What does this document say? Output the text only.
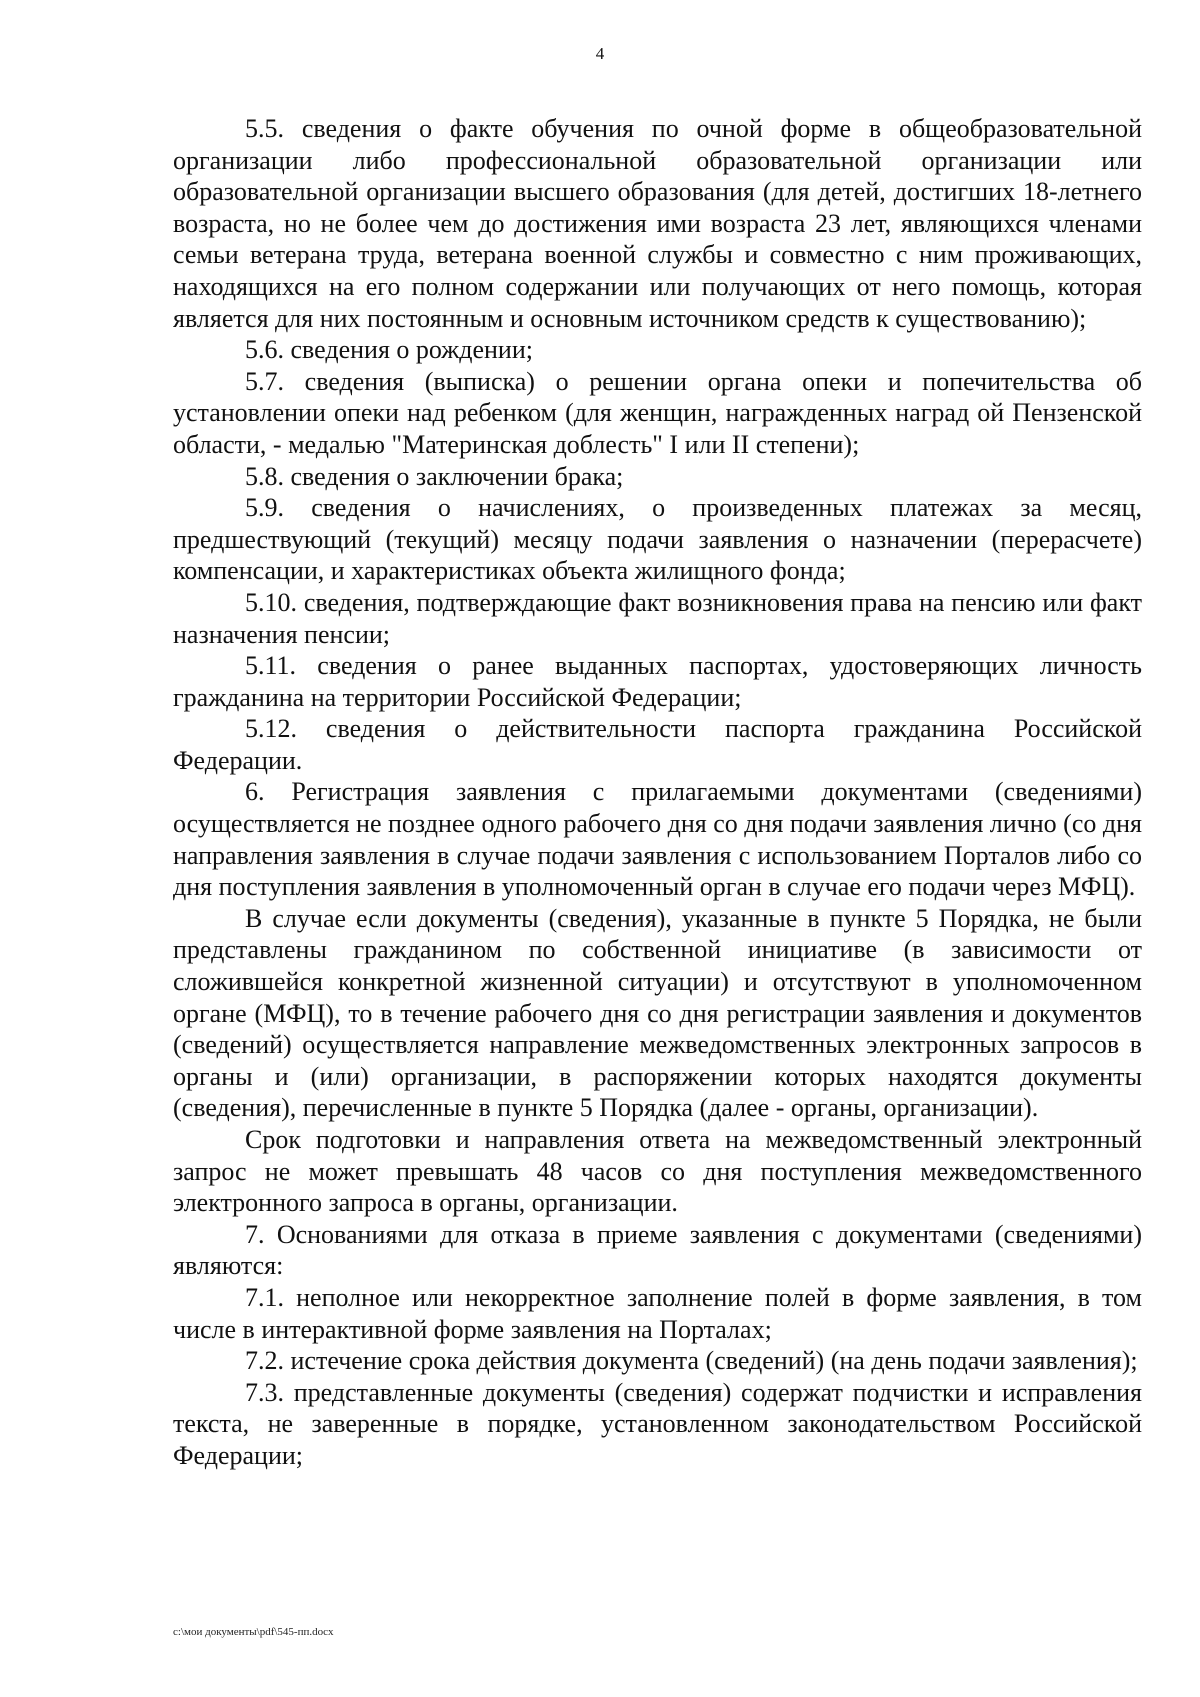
4

5.5. сведения о факте обучения по очной форме в общеобразовательной организации либо профессиональной образовательной организации или образовательной организации высшего образования (для детей, достигших 18-летнего возраста, но не более чем до достижения ими возраста 23 лет, являющихся членами семьи ветерана труда, ветерана военной службы и совместно с ним проживающих, находящихся на его полном содержании или получающих от него помощь, которая является для них постоянным и основным источником средств к существованию);

5.6. сведения о рождении;

5.7. сведения (выписка) о решении органа опеки и попечительства об установлении опеки над ребенком (для женщин, награжденных наград ой Пензенской области, - медалью "Материнская доблесть" I или II степени);

5.8. сведения о заключении брака;

5.9. сведения о начислениях, о произведенных платежах за месяц, предшествующий (текущий) месяцу подачи заявления о назначении (перерасчете) компенсации, и характеристиках объекта жилищного фонда;

5.10. сведения, подтверждающие факт возникновения права на пенсию или факт назначения пенсии;

5.11. сведения о ранее выданных паспортах, удостоверяющих личность гражданина на территории Российской Федерации;

5.12. сведения о действительности паспорта гражданина Российской Федерации.

6. Регистрация заявления с прилагаемыми документами (сведениями) осуществляется не позднее одного рабочего дня со дня подачи заявления лично (со дня направления заявления в случае подачи заявления с использованием Порталов либо со дня поступления заявления в уполномоченный орган в случае его подачи через МФЦ).

В случае если документы (сведения), указанные в пункте 5 Порядка, не были представлены гражданином по собственной инициативе (в зависимости от сложившейся конкретной жизненной ситуации) и отсутствуют в уполномоченном органе (МФЦ), то в течение рабочего дня со дня регистрации заявления и документов (сведений) осуществляется направление межведомственных электронных запросов в органы и (или) организации, в распоряжении которых находятся документы (сведения), перечисленные в пункте 5 Порядка (далее - органы, организации).

Срок подготовки и направления ответа на межведомственный электронный запрос не может превышать 48 часов со дня поступления межведомственного электронного запроса в органы, организации.

7. Основаниями для отказа в приеме заявления с документами (сведениями) являются:

7.1. неполное или некорректное заполнение полей в форме заявления, в том числе в интерактивной форме заявления на Порталах;

7.2. истечение срока действия документа (сведений) (на день подачи заявления);

7.3. представленные документы (сведения) содержат подчистки и исправления текста, не заверенные в порядке, установленном законодательством Российской Федерации;

c:\мои документы\pdf\545-пп.docx
